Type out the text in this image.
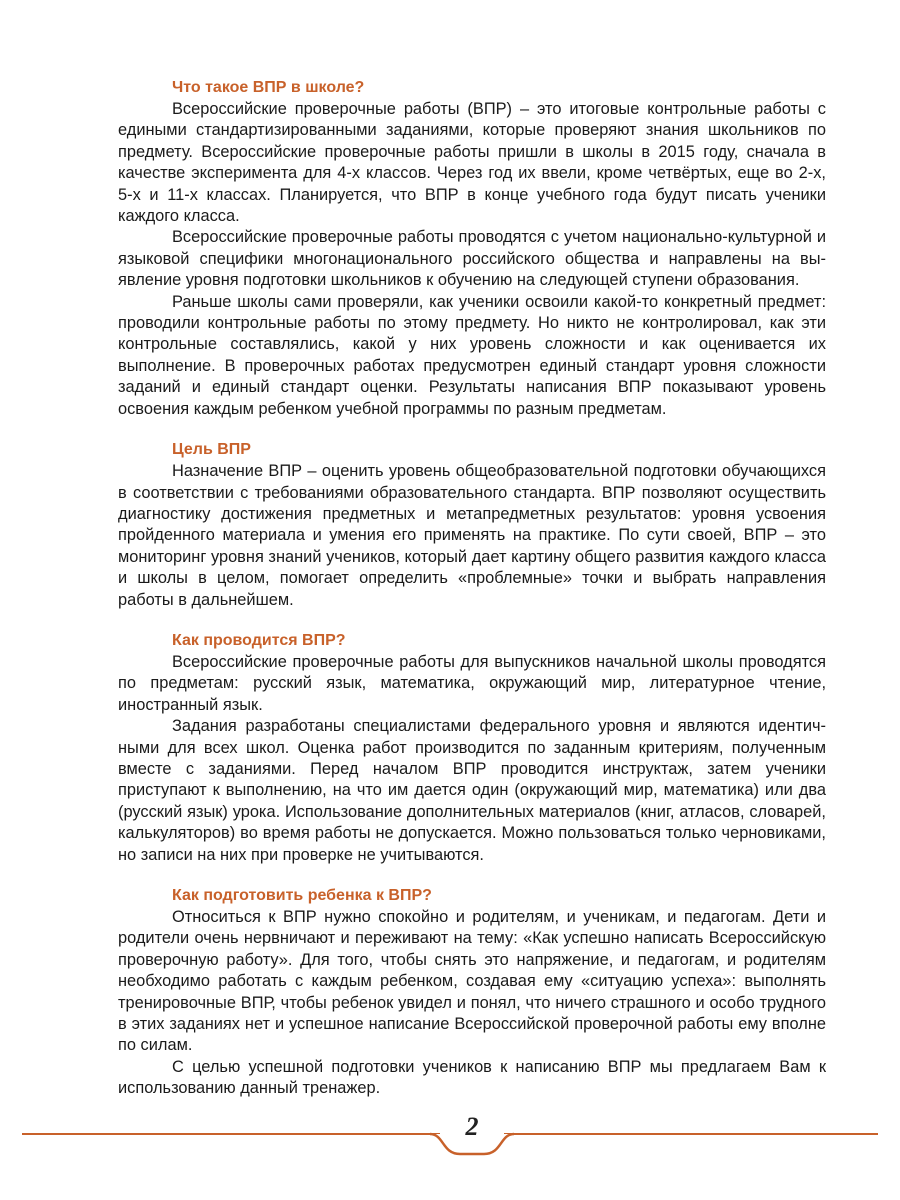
Что такое ВПР в школе?

Всероссийские проверочные работы (ВПР) – это итоговые контрольные работы с едиными стандартизированными заданиями, которые проверяют знания школьников по предмету. Всероссийские проверочные работы пришли в школы в 2015 году, сначала в качестве эксперимента для 4-х классов. Через год их ввели, кроме четвёртых, еще во 2-х, 5-х и 11-х классах. Планируется, что ВПР в конце учебного года будут писать ученики каждого класса.

Всероссийские проверочные работы проводятся с учетом национально-культурной и языковой специфики многонационального российского общества и направлены на выявление уровня подготовки школьников к обучению на следующей ступени образования.

Раньше школы сами проверяли, как ученики освоили какой-то конкретный предмет: проводили контрольные работы по этому предмету. Но никто не контролировал, как эти контрольные составлялись, какой у них уровень сложности и как оценивается их выполнение. В проверочных работах предусмотрен единый стандарт уровня сложности заданий и единый стандарт оценки. Результаты написания ВПР показывают уровень освоения каждым ребенком учебной программы по разным предметам.

Цель ВПР

Назначение ВПР – оценить уровень общеобразовательной подготовки обучающихся в соответствии с требованиями образовательного стандарта. ВПР позволяют осуществить диагностику достижения предметных и метапредметных результатов: уровня усвоения пройденного материала и умения его применять на практике. По сути своей, ВПР – это мониторинг уровня знаний учеников, который дает картину общего развития каждого класса и школы в целом, помогает определить «проблемные» точки и выбрать направления работы в дальнейшем.

Как проводится ВПР?

Всероссийские проверочные работы для выпускников начальной школы проводятся по предметам: русский язык, математика, окружающий мир, литературное чтение, иностранный язык.

Задания разработаны специалистами федерального уровня и являются идентичными для всех школ. Оценка работ производится по заданным критериям, полученным вместе с заданиями. Перед началом ВПР проводится инструктаж, затем ученики приступают к выполнению, на что им дается один (окружающий мир, математика) или два (русский язык) урока. Использование дополнительных материалов (книг, атласов, словарей, калькуляторов) во время работы не допускается. Можно пользоваться только черновиками, но записи на них при проверке не учитываются.

Как подготовить ребенка к ВПР?

Относиться к ВПР нужно спокойно и родителям, и ученикам, и педагогам. Дети и родители очень нервничают и переживают на тему: «Как успешно написать Всероссийскую проверочную работу». Для того, чтобы снять это напряжение, и педагогам, и родителям необходимо работать с каждым ребенком, создавая ему «ситуацию успеха»: выполнять тренировочные ВПР, чтобы ребенок увидел и понял, что ничего страшного и особо трудного в этих заданиях нет и успешное написание Всероссийской проверочной работы ему вполне по силам.

С целью успешной подготовки учеников к написанию ВПР мы предлагаем Вам к использованию данный тренажер.

2
